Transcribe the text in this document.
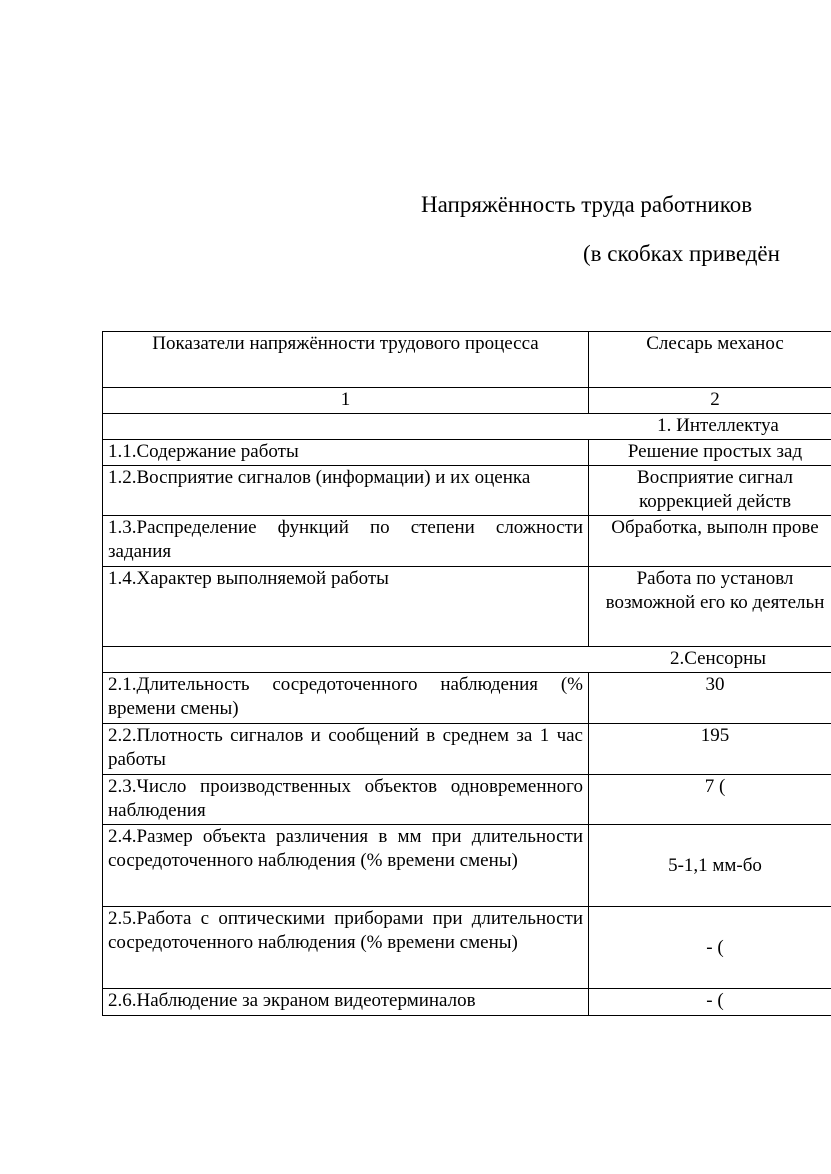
Напряжённость труда работников
(в скобках приведён
Показатели напряжённости трудового процесса	Слесарь механос
1	2
1. Интеллектуа	
1.1.Содержание работы	Решение простых зад
1.2.Восприятие сигналов (информации) и их оценка	Восприятие сигнал коррекцией действ
1.3.Распределение функций по степени сложности задания	Обработка, выполн прове
1.4.Характер выполняемой работы	Работа по установл возможной его ко деятельн
2.Сенсорны	
2.1.Длительность сосредоточенного наблюдения (% времени смены)	30
2.2.Плотность сигналов и сообщений в среднем за 1 час работы	195
2.3.Число производственных объектов одновременного наблюдения	7 (
2.4.Размер объекта различения в мм при длительности сосредоточенного наблюдения (% времени смены)	5-1,1 мм-бо
2.5.Работа с оптическими приборами при длительности сосредоточенного наблюдения (% времени смены)	- (
2.6.Наблюдение за экраном видеотерминалов	- (
